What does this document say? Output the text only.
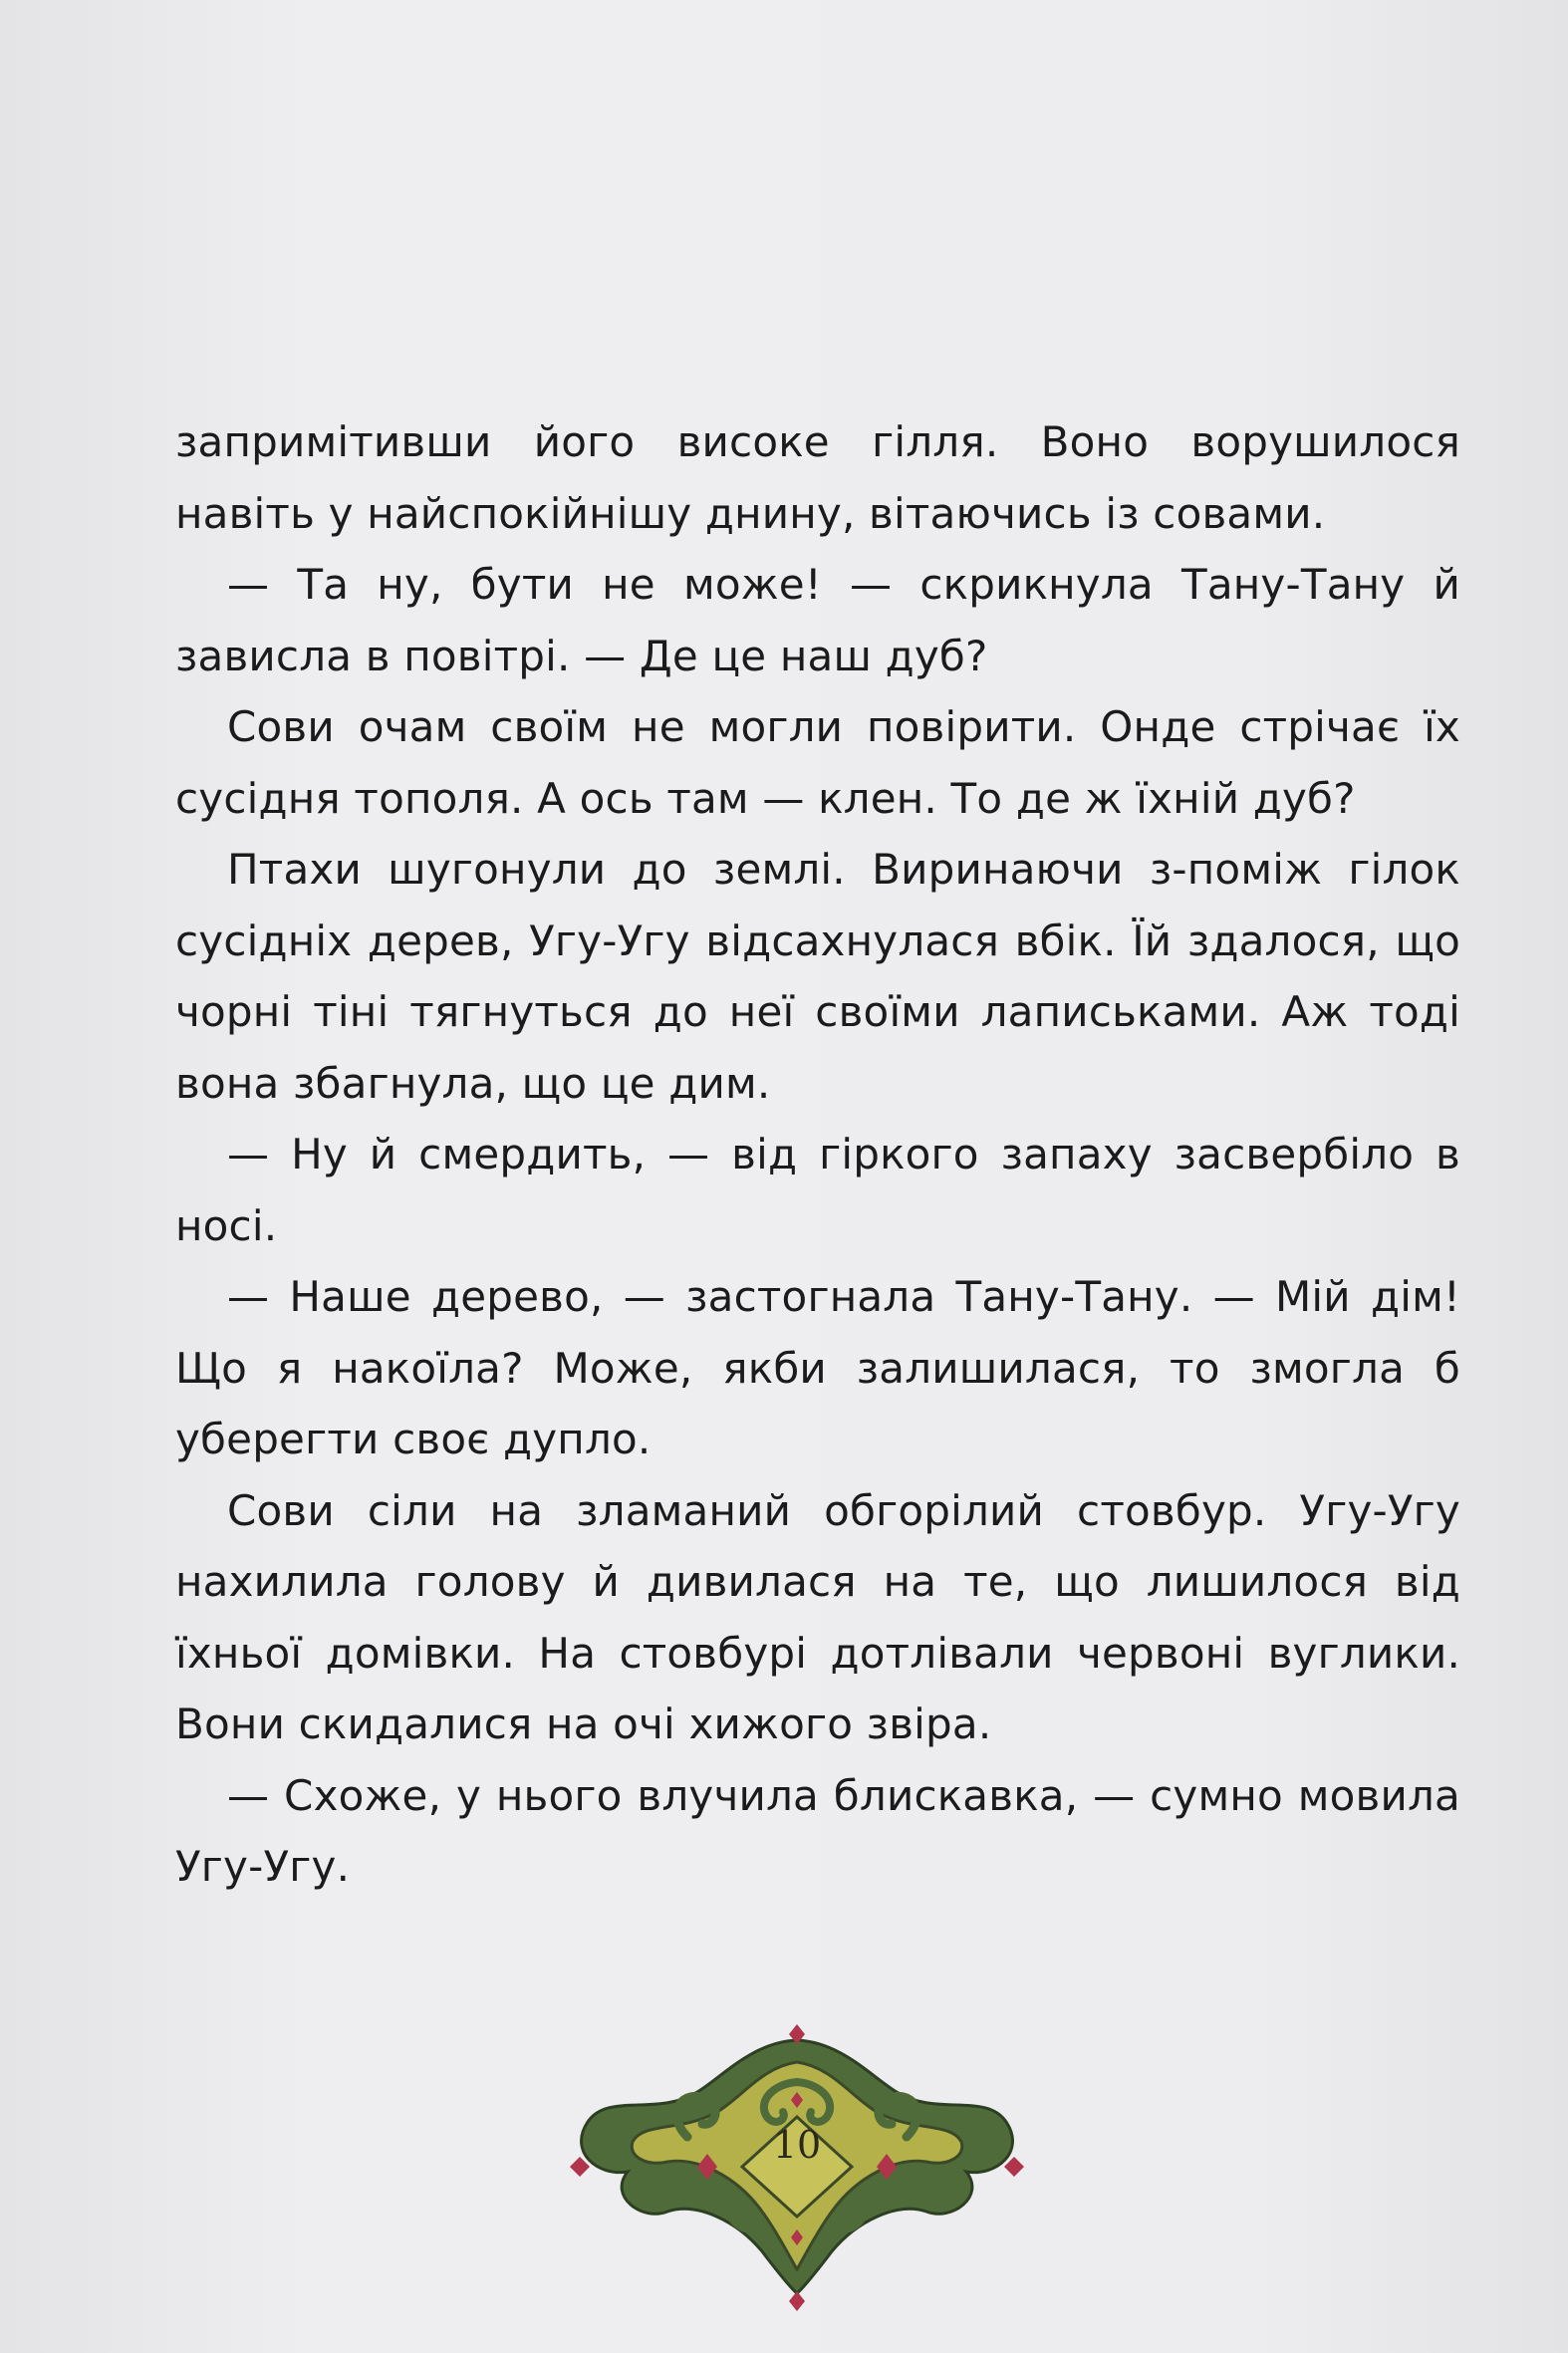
запримітивши його високе гілля. Воно ворушилося навіть у найспокійнішу днину, вітаючись із совами.

— Та ну, бути не може! — скрикнула Тану-Тану й зависла в повітрі. — Де це наш дуб?

Сови очам своїм не могли повірити. Онде стрічає їх сусідня тополя. А ось там — клен. То де ж їхній дуб?

Птахи шугонули до землі. Виринаючи з-поміж гілок сусідніх дерев, Угу-Угу відсахнулася вбік. Їй здалося, що чорні тіні тягнуться до неї своїми лаписьками. Аж тоді вона збагнула, що це дим.

— Ну й смердить, — від гіркого запаху засвербіло в носі.

— Наше дерево, — застогнала Тану-Тану. — Мій дім! Що я накоїла? Може, якби залишилася, то змогла б уберегти своє дупло.

Сови сіли на зламаний обгорілий стовбур. Угу-Угу нахилила голову й дивилася на те, що лишилося від їхньої домівки. На стовбурі дотлівали червоні вуглики. Вони скидалися на очі хижого звіра.

— Схоже, у нього влучила блискавка, — сумно мовила Угу-Угу.

10
